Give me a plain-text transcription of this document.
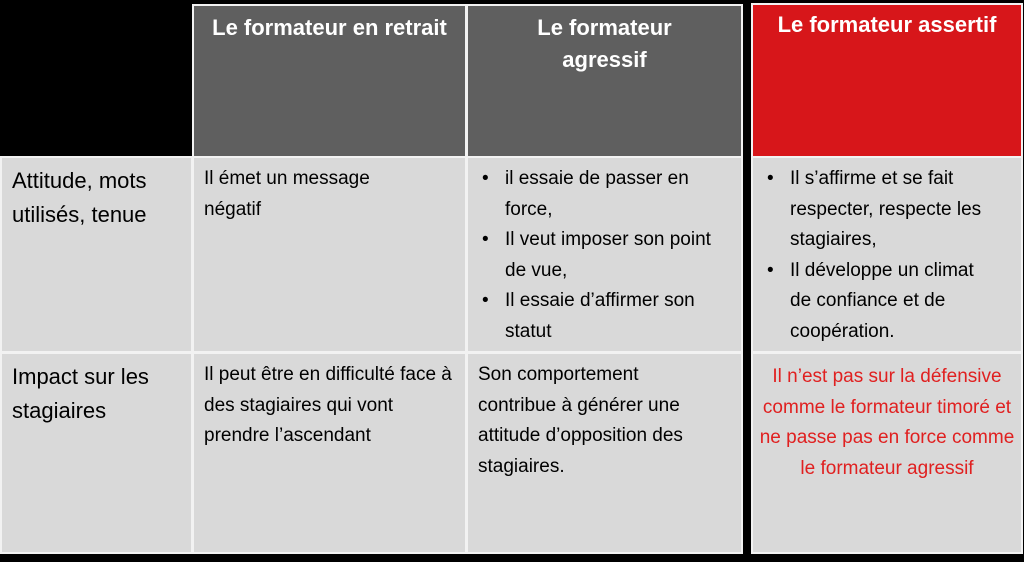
Le formateur en retrait	Le formateur agressif
Le formateur assertif
Attitude, mots utilisés, tenue
Il émet un message négatif
• il essaie de passer en force,
• Il veut imposer son point de vue,
• Il essaie d’affirmer son statut
• Il s’affirme et se fait respecter, respecte les stagiaires,
• Il développe un climat de confiance et de coopération.
Impact sur les stagiaires
Il peut être en difficulté face à des stagiaires qui vont prendre l’ascendant
Son comportement contribue à générer une attitude d’opposition des stagiaires.
Il n’est pas sur la défensive comme le formateur timoré et ne passe pas en force comme le formateur agressif
